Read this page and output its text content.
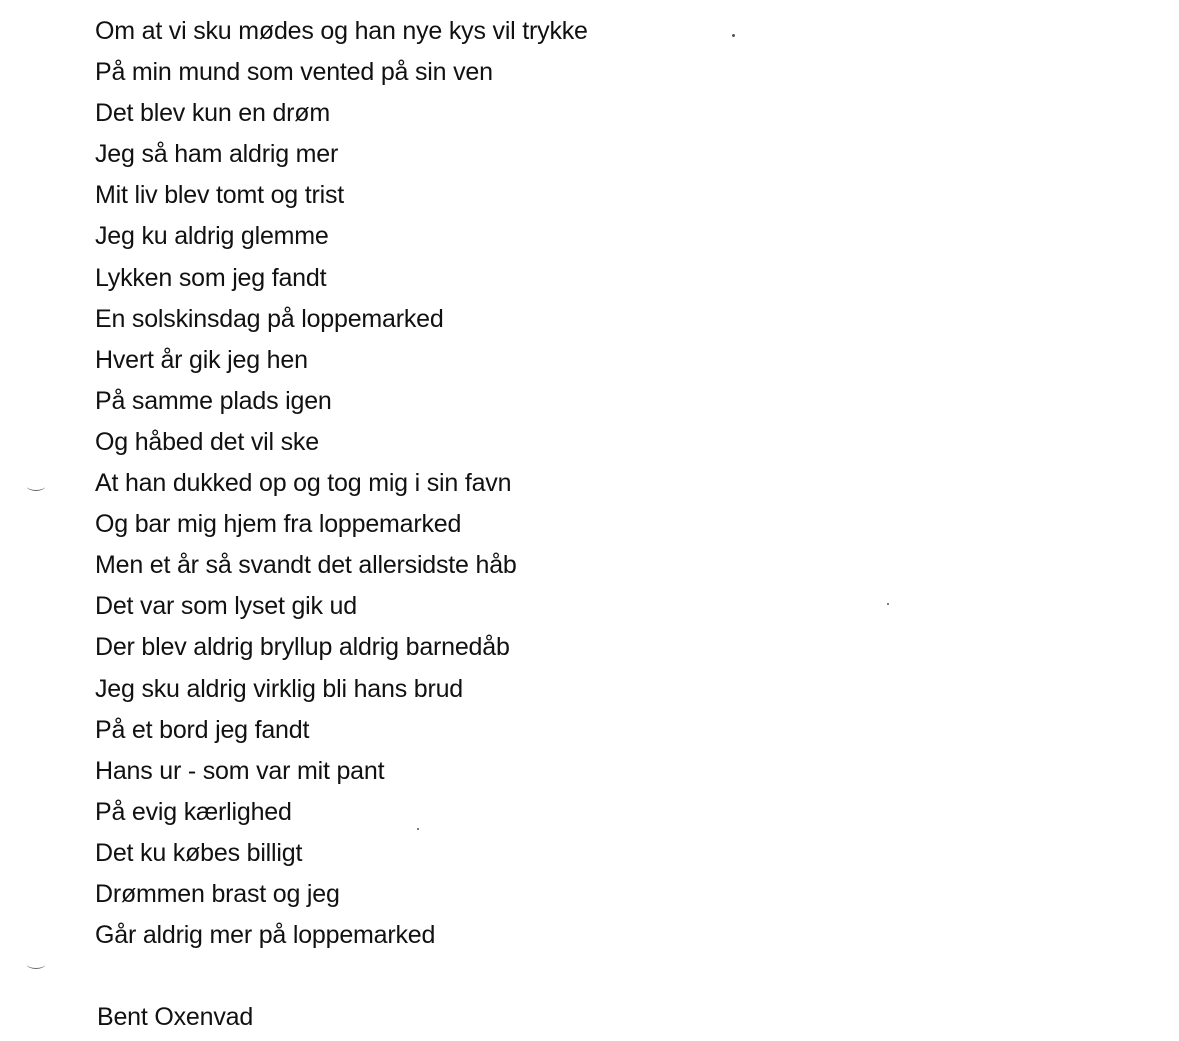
Om at vi sku mødes og han nye kys vil trykke
På min mund som vented på sin ven
Det blev kun en drøm
Jeg så ham aldrig mer
Mit liv blev tomt og trist
Jeg ku aldrig glemme
Lykken som jeg fandt
En solskinsdag på loppemarked
Hvert år gik jeg hen
På samme plads igen
Og håbed det vil ske
At han dukked op og tog mig i sin favn
Og bar mig hjem fra loppemarked
Men et år så svandt det allersidste håb
Det var som lyset gik ud
Der blev aldrig bryllup aldrig barnedåb
Jeg sku aldrig virklig bli hans brud
På et bord jeg fandt
Hans ur - som var mit pant
På evig kærlighed
Det ku købes billigt
Drømmen brast og jeg
Går aldrig mer på loppemarked
Bent Oxenvad
